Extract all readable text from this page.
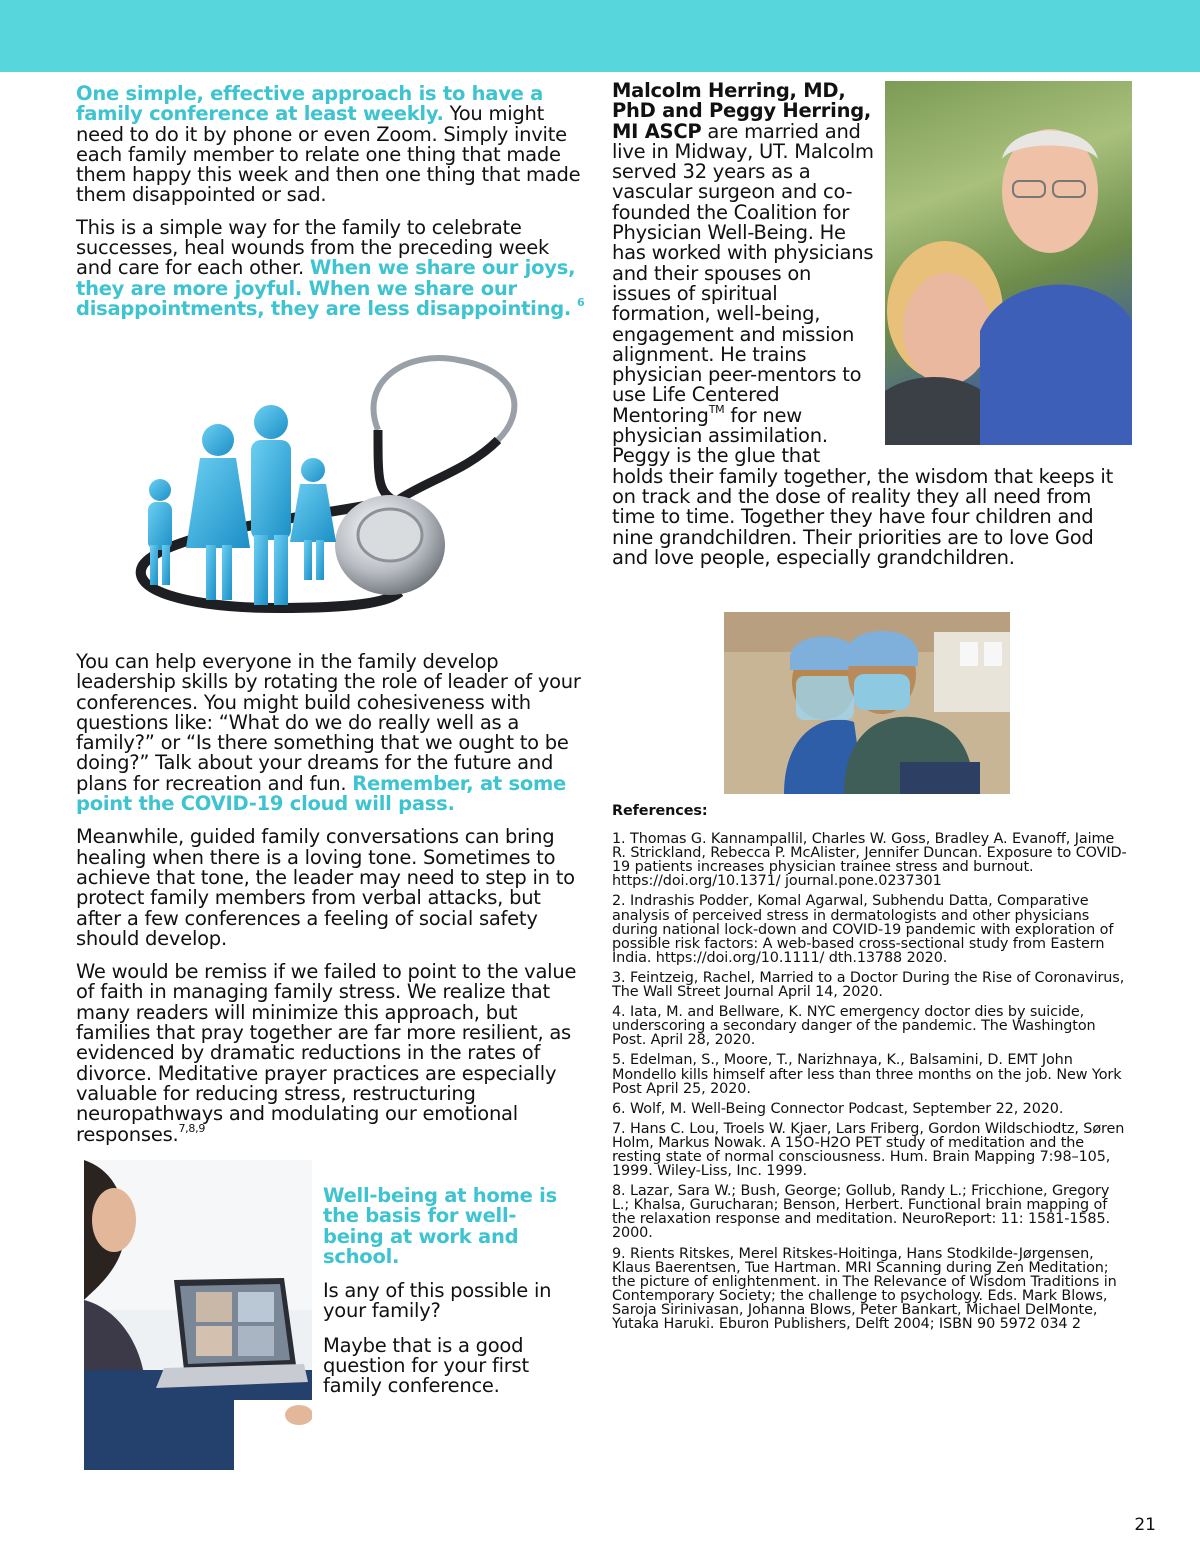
One simple, effective approach is to have a family conference at least weekly. You might need to do it by phone or even Zoom. Simply invite each family member to relate one thing that made them happy this week and then one thing that made them disappointed or sad.

This is a simple way for the family to celebrate successes, heal wounds from the preceding week and care for each other. When we share our joys, they are more joyful. When we share our disappointments, they are less disappointing. $^6$

You can help everyone in the family develop leadership skills by rotating the role of leader of your conferences. You might build cohesiveness with questions like: “What do we do really well as a family?” or “Is there something that we ought to be doing?” Talk about your dreams for the future and plans for recreation and fun. Remember, at some point the COVID-19 cloud will pass.

Meanwhile, guided family conversations can bring healing when there is a loving tone. Sometimes to achieve that tone, the leader may need to step in to protect family members from verbal attacks, but after a few conferences a feeling of social safety should develop.

We would be remiss if we failed to point to the value of faith in managing family stress. We realize that many readers will minimize this approach, but families that pray together are far more resilient, as evidenced by dramatic reductions in the rates of divorce. Meditative prayer practices are especially valuable for reducing stress, restructuring neuropathways and modulating our emotional responses.$^{7,8,9}$

Well-being at home is the basis for well-being at work and school.

Is any of this possible in your family?

Maybe that is a good question for your first family conference.

Malcolm Herring, MD, PhD and Peggy Herring, MI ASCP are married and live in Midway, UT. Malcolm served 32 years as a vascular surgeon and co-founded the Coalition for Physician Well-Being. He has worked with physicians and their spouses on issues of spiritual formation, well-being, engagement and mission alignment. He trains physician peer-mentors to use Life Centered Mentoring™ for new physician assimilation. Peggy is the glue that holds their family together, the wisdom that keeps it on track and the dose of reality they all need from time to time. Together they have four children and nine grandchildren. Their priorities are to love God and love people, especially grandchildren.
References:
1. Thomas G. Kannampallil, Charles W. Goss, Bradley A. Evanoff, Jaime R. Strickland, Rebecca P. McAlister, Jennifer Duncan. Exposure to COVID-19 patients increases physician trainee stress and burnout. https://doi.org/10.1371/ journal.pone.0237301
2. Indrashis Podder, Komal Agarwal, Subhendu Datta, Comparative analysis of perceived stress in dermatologists and other physicians during national lock-down and COVID-19 pandemic with exploration of possible risk factors: A web-based cross-sectional study from Eastern India. https://doi.org/10.1111/ dth.13788 2020.
3. Feintzeig, Rachel, Married to a Doctor During the Rise of Coronavirus, The Wall Street Journal April 14, 2020.
4. Iata, M. and Bellware, K. NYC emergency doctor dies by suicide, underscoring a secondary danger of the pandemic. The Washington Post. April 28, 2020.
5. Edelman, S., Moore, T., Narizhnaya, K., Balsamini, D. EMT John Mondello kills himself after less than three months on the job. New York Post April 25, 2020.
6. Wolf, M. Well-Being Connector Podcast, September 22, 2020.
7. Hans C. Lou, Troels W. Kjaer, Lars Friberg, Gordon Wildschiodtz, Søren Holm, Markus Nowak. A 15O-H2O PET study of meditation and the resting state of normal consciousness. Hum. Brain Mapping 7:98–105, 1999. Wiley-Liss, Inc. 1999.
8. Lazar, Sara W.; Bush, George; Gollub, Randy L.; Fricchione, Gregory L.; Khalsa, Gurucharan; Benson, Herbert. Functional brain mapping of the relaxation response and meditation. NeuroReport: 11: 1581-1585. 2000.
9. Rients Ritskes, Merel Ritskes-Hoitinga, Hans Stodkilde-Jørgensen, Klaus Baerentsen, Tue Hartman. MRI Scanning during Zen Meditation; the picture of enlightenment. in The Relevance of Wisdom Traditions in Contemporary Society; the challenge to psychology. Eds. Mark Blows, Saroja Sirinivasan, Johanna Blows, Peter Bankart, Michael DelMonte, Yutaka Haruki. Eburon Publishers, Delft 2004; ISBN 90 5972 034 2
21
